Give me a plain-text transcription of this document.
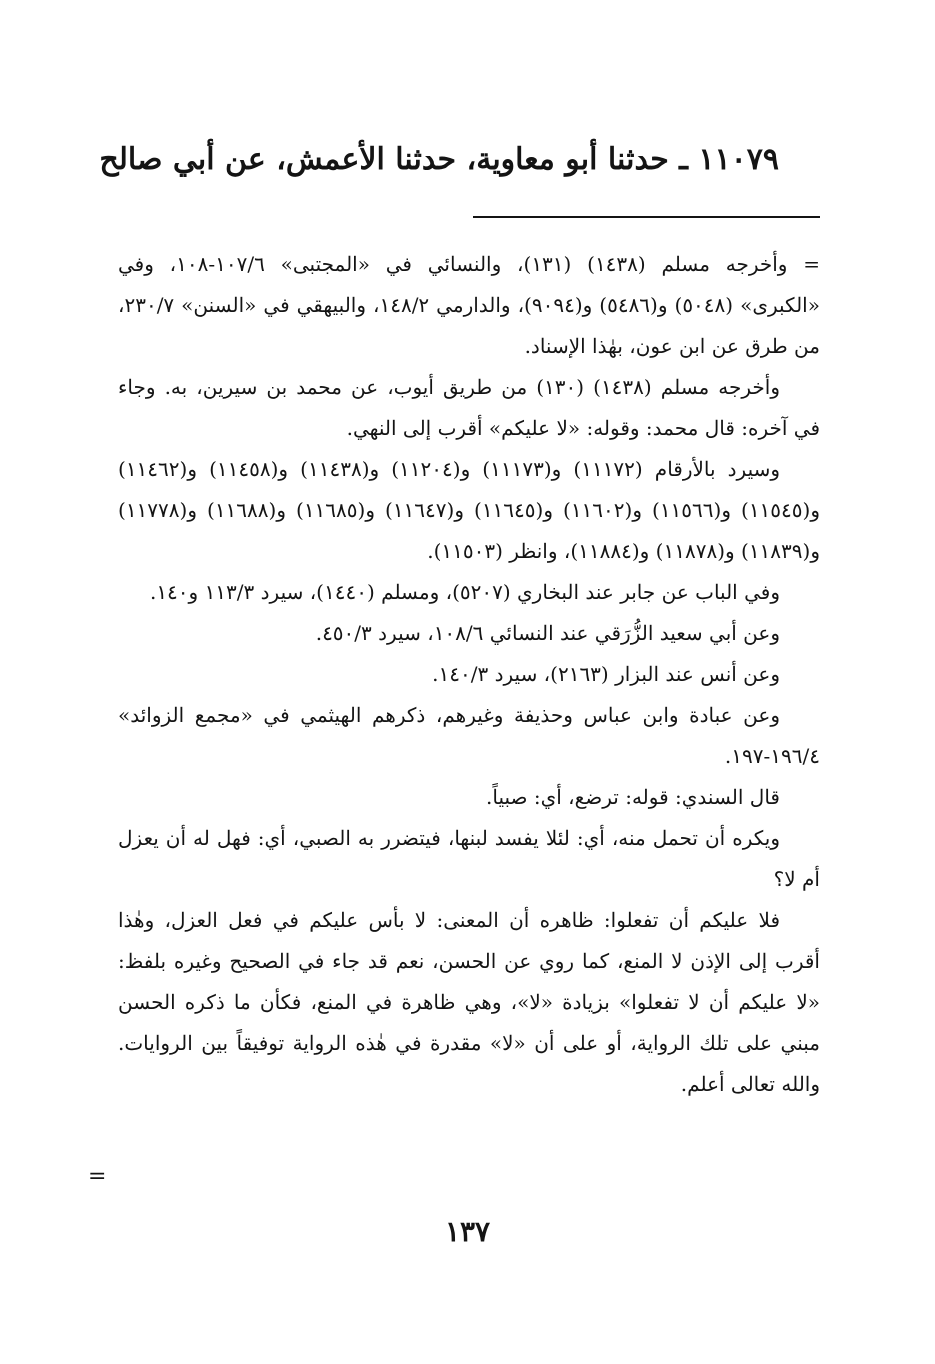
١١٠٧٩ ـ حدثنا أبو معاوية، حدثنا الأعمش، عن أبي صالح
= وأخرجه مسلم (١٤٣٨) (١٣١)، والنسائي في «المجتبى» ١٠٧/٦-١٠٨، وفي «الكبرى» (٥٠٤٨) و(٥٤٨٦) و(٩٠٩٤)، والدارمي ١٤٨/٢، والبيهقي في «السنن» ٢٣٠/٧، من طرق عن ابن عون، بهٰذا الإسناد.
وأخرجه مسلم (١٤٣٨) (١٣٠) من طريق أيوب، عن محمد بن سيرين، به. وجاء في آخره: قال محمد: وقوله: «لا عليكم» أقرب إلى النهي.
وسيرد بالأرقام (١١١٧٢) و(١١١٧٣) و(١١٢٠٤) و(١١٤٣٨) و(١١٤٥٨) و(١١٤٦٢) و(١١٥٤٥) و(١١٥٦٦) و(١١٦٠٢) و(١١٦٤٥) و(١١٦٤٧) و(١١٦٨٥) و(١١٦٨٨) و(١١٧٧٨) و(١١٨٣٩) و(١١٨٧٨) و(١١٨٨٤)، وانظر (١١٥٠٣).
وفي الباب عن جابر عند البخاري (٥٢٠٧)، ومسلم (١٤٤٠)، سيرد ١١٣/٣ و١٤٠.
وعن أبي سعيد الزُّرَقي عند النسائي ١٠٨/٦، سيرد ٤٥٠/٣.
وعن أنس عند البزار (٢١٦٣)، سيرد ١٤٠/٣.
وعن عبادة وابن عباس وحذيفة وغيرهم، ذكرهم الهيثمي في «مجمع الزوائد» ١٩٦/٤-١٩٧.
قال السندي: قوله: ترضع، أي: صبياً.
ويكره أن تحمل منه، أي: لئلا يفسد لبنها، فيتضرر به الصبي، أي: فهل له أن يعزل أم لا؟
فلا عليكم أن تفعلوا: ظاهره أن المعنى: لا بأس عليكم في فعل العزل، وهٰذا أقرب إلى الإذن لا المنع، كما روي عن الحسن، نعم قد جاء في الصحيح وغيره بلفظ: «لا عليكم أن لا تفعلوا» بزيادة «لا»، وهي ظاهرة في المنع، فكأن ما ذكره الحسن مبني على تلك الرواية، أو على أن «لا» مقدرة في هٰذه الرواية توفيقاً بين الروايات. والله تعالى أعلم.
=
١٣٧
